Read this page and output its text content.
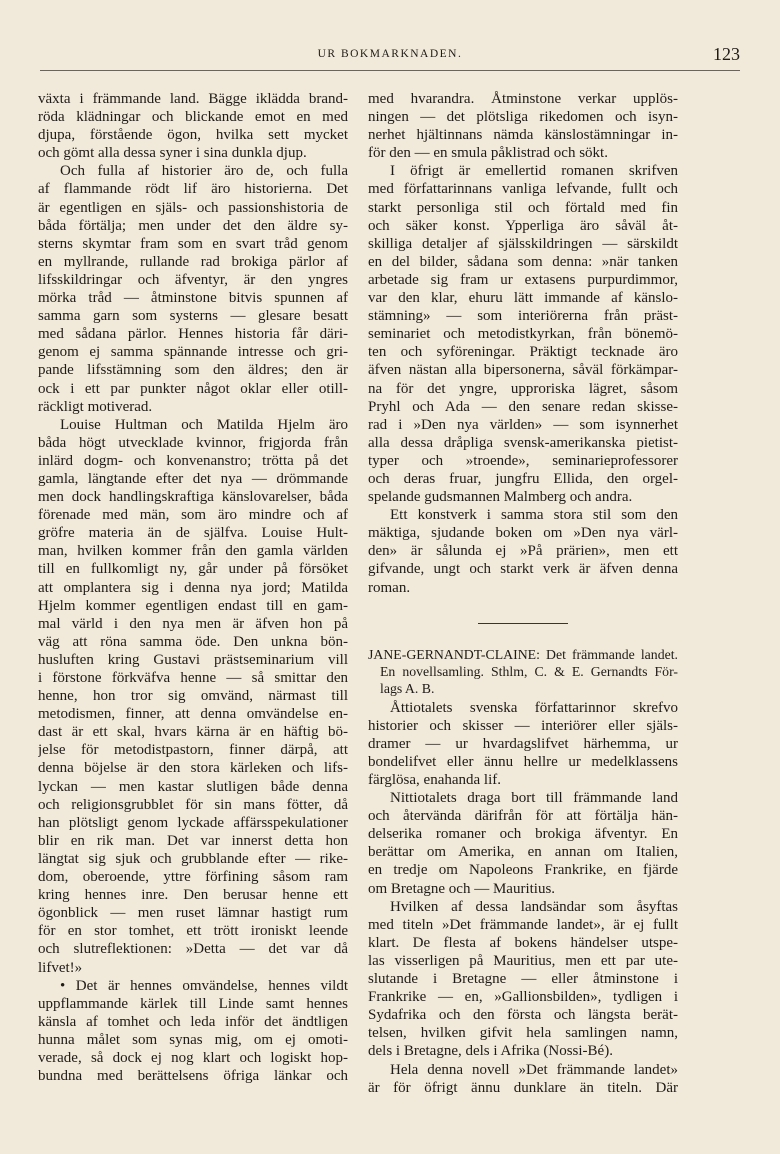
UR BOKMARKNADEN.	123
växta i främmande land. Bägge iklädda brand-
röda klädningar och blickande emot en med
djupa, förstående ögon, hvilka sett mycket
och gömt alla dessa syner i sina dunkla djup.
Och fulla af historier äro de, och fulla
af flammande rödt lif äro historierna. Det
är egentligen en själs- och passionshistoria de
båda förtälja; men under det den äldre sy-
sterns skymtar fram som en svart tråd genom
en myllrande, rullande rad brokiga pärlor af
lifsskildringar och äfventyr, är den yngres
mörka tråd — åtminstone bitvis spunnen af
samma garn som systerns — glesare besatt
med sådana pärlor. Hennes historia får däri-
genom ej samma spännande intresse och gri-
pande lifsstämning som den äldres; den är
ock i ett par punkter något oklar eller otill-
räckligt motiverad.
Louise Hultman och Matilda Hjelm äro
båda högt utvecklade kvinnor, frigjorda från
inlärd dogm- och konvenanstro; trötta på det
gamla, längtande efter det nya — drömmande
men dock handlingskraftiga känslovarelser, båda
förenade med män, som äro mindre och af
gröfre materia än de själfva. Louise Hult-
man, hvilken kommer från den gamla världen
till en fullkomligt ny, går under på försöket
att omplantera sig i denna nya jord; Matilda
Hjelm kommer egentligen endast till en gam-
mal värld i den nya men är äfven hon på
väg att röna samma öde. Den unkna bön-
husluften kring Gustavi prästseminarium vill
i förstone förkväfva henne — så smittar den
henne, hon tror sig omvänd, närmast till
metodismen, finner, att denna omvändelse en-
dast är ett skal, hvars kärna är en häftig bö-
jelse för metodistpastorn, finner därpå, att
denna böjelse är den stora kärleken och lifs-
lyckan — men kastar slutligen både denna
och religionsgrubblet för sin mans fötter, då
han plötsligt genom lyckade affärsspekulationer
blir en rik man. Det var innerst detta hon
längtat sig sjuk och grubblande efter — rike-
dom, oberoende, yttre förfining såsom ram
kring hennes inre. Den berusar henne ett
ögonblick — men ruset lämnar hastigt rum
för en stor tomhet, ett trött ironiskt leende
och slutreflektionen: »Detta — det var då
lifvet!»
• Det är hennes omvändelse, hennes vildt
uppflammande kärlek till Linde samt hennes
känsla af tomhet och leda inför det ändtligen
hunna målet som synas mig, om ej omoti-
verade, så dock ej nog klart och logiskt hop-
bundna med berättelsens öfriga länkar och
med hvarandra. Åtminstone verkar upplös-
ningen — det plötsliga rikedomen och isyn-
nerhet hjältinnans nämda känslostämningar in-
för den — en smula påklistrad och sökt.
I öfrigt är emellertid romanen skrifven
med författarinnans vanliga lefvande, fullt och
starkt personliga stil och förtald med fin
och säker konst. Ypperliga äro såväl åt-
skilliga detaljer af själsskildringen — särskildt
en del bilder, sådana som denna: »när tanken
arbetade sig fram ur extasens purpurdimmor,
var den klar, ehuru lätt immande af känslo-
stämning» — som interiörerna från präst-
seminariet och metodistkyrkan, från bönemö-
ten och syföreningar. Präktigt tecknade äro
äfven nästan alla bipersonerna, såväl förkämpar-
na för det yngre, upproriska lägret, såsom
Pryhl och Ada — den senare redan skisse-
rad i »Den nya världen» — som isynnerhet
alla dessa dråpliga svensk-amerikanska pietist-
typer och »troende», seminarieprofessorer
och deras fruar, jungfru Ellida, den orgel-
spelande gudsmannen Malmberg och andra.
Ett konstverk i samma stora stil som den
mäktiga, sjudande boken om »Den nya värl-
den» är sålunda ej »På prärien», men ett
gifvande, ungt och starkt verk är äfven denna
roman.
JANE-GERNANDT-CLAINE: Det främmande landet.
En novellsamling. Sthlm, C. & E. Gernandts För-
lags A. B.
Åttiotalets svenska författarinnor skrefvo
historier och skisser — interiörer eller själs-
dramer — ur hvardagslifvet härhemma, ur
bondelifvet eller ännu hellre ur medelklassens
färglösa, enahanda lif.
Nittiotalets draga bort till främmande land
och återvända därifrån för att förtälja hän-
delserika romaner och brokiga äfventyr. En
berättar om Amerika, en annan om Italien,
en tredje om Napoleons Frankrike, en fjärde
om Bretagne och — Mauritius.
Hvilken af dessa landsändar som åsyftas
med titeln »Det främmande landet», är ej fullt
klart. De flesta af bokens händelser utspe-
las visserligen på Mauritius, men ett par ute-
slutande i Bretagne — eller åtminstone i
Frankrike — en, »Gallionsbilden», tydligen i
Sydafrika och den första och längsta berät-
telsen, hvilken gifvit hela samlingen namn,
dels i Bretagne, dels i Afrika (Nossi-Bé).
Hela denna novell »Det främmande landet»
är för öfrigt ännu dunklare än titeln. Där
